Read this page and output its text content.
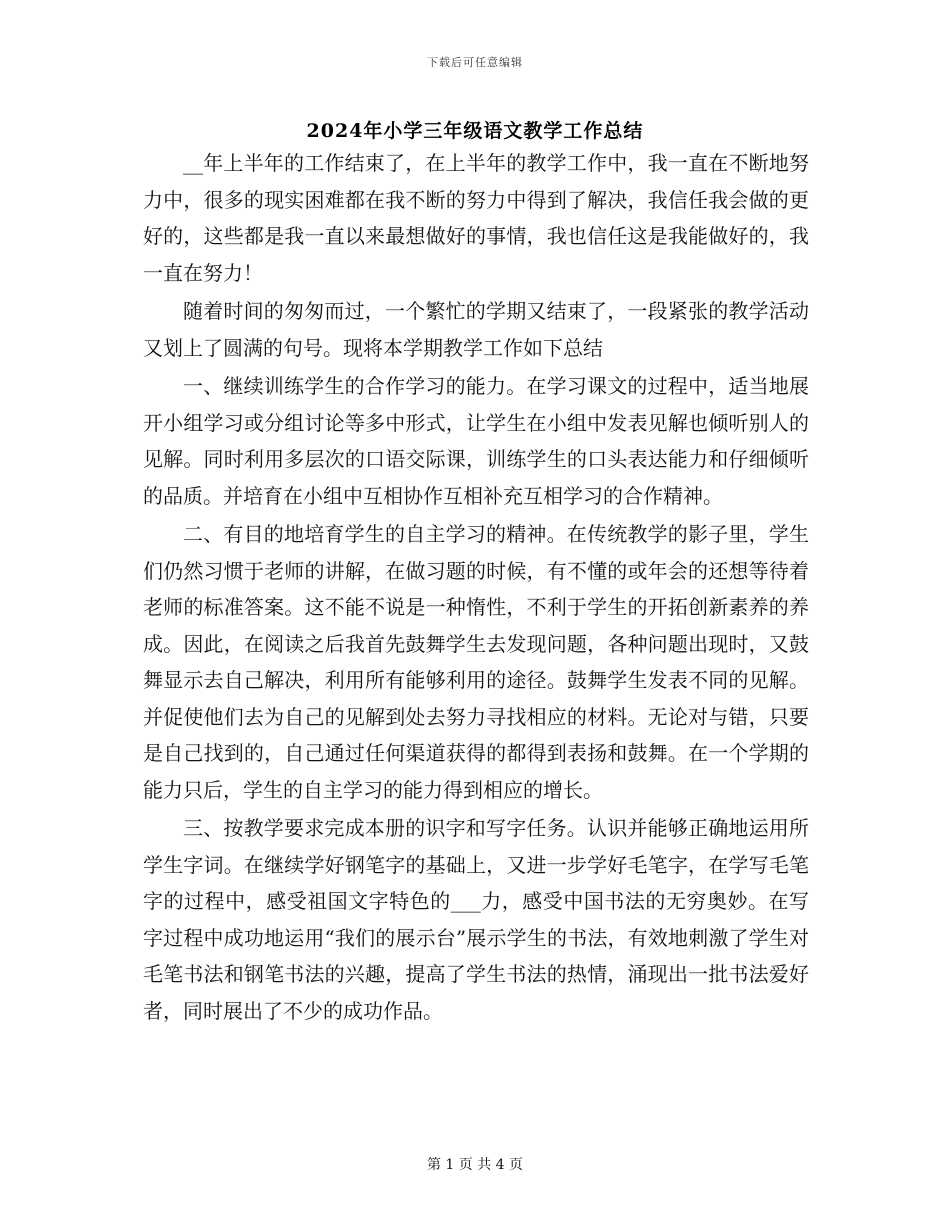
下载后可任意编辑
2024年小学三年级语文教学工作总结

__年上半年的工作结束了，在上半年的教学工作中，我一直在不断地努力中，很多的现实困难都在我不断的努力中得到了解决，我信任我会做的更好的，这些都是我一直以来最想做好的事情，我也信任这是我能做好的，我一直在努力！

随着时间的匆匆而过，一个繁忙的学期又结束了，一段紧张的教学活动又划上了圆满的句号。现将本学期教学工作如下总结

一、继续训练学生的合作学习的能力。在学习课文的过程中，适当地展开小组学习或分组讨论等多中形式，让学生在小组中发表见解也倾听别人的见解。同时利用多层次的口语交际课，训练学生的口头表达能力和仔细倾听的品质。并培育在小组中互相协作互相补充互相学习的合作精神。

二、有目的地培育学生的自主学习的精神。在传统教学的影子里，学生们仍然习惯于老师的讲解，在做习题的时候，有不懂的或年会的还想等待着老师的标准答案。这不能不说是一种惰性，不利于学生的开拓创新素养的养成。因此，在阅读之后我首先鼓舞学生去发现问题，各种问题出现时，又鼓舞显示去自己解决，利用所有能够利用的途径。鼓舞学生发表不同的见解。并促使他们去为自己的见解到处去努力寻找相应的材料。无论对与错，只要是自己找到的，自己通过任何渠道获得的都得到表扬和鼓舞。在一个学期的能力只后，学生的自主学习的能力得到相应的增长。

三、按教学要求完成本册的识字和写字任务。认识并能够正确地运用所学生字词。在继续学好钢笔字的基础上，又进一步学好毛笔字，在学写毛笔字的过程中，感受祖国文字特色的___力，感受中国书法的无穷奥妙。在写字过程中成功地运用“我们的展示台”展示学生的书法，有效地刺激了学生对毛笔书法和钢笔书法的兴趣，提高了学生书法的热情，涌现出一批书法爱好者，同时展出了不少的成功作品。

第 1 页 共 4 页
